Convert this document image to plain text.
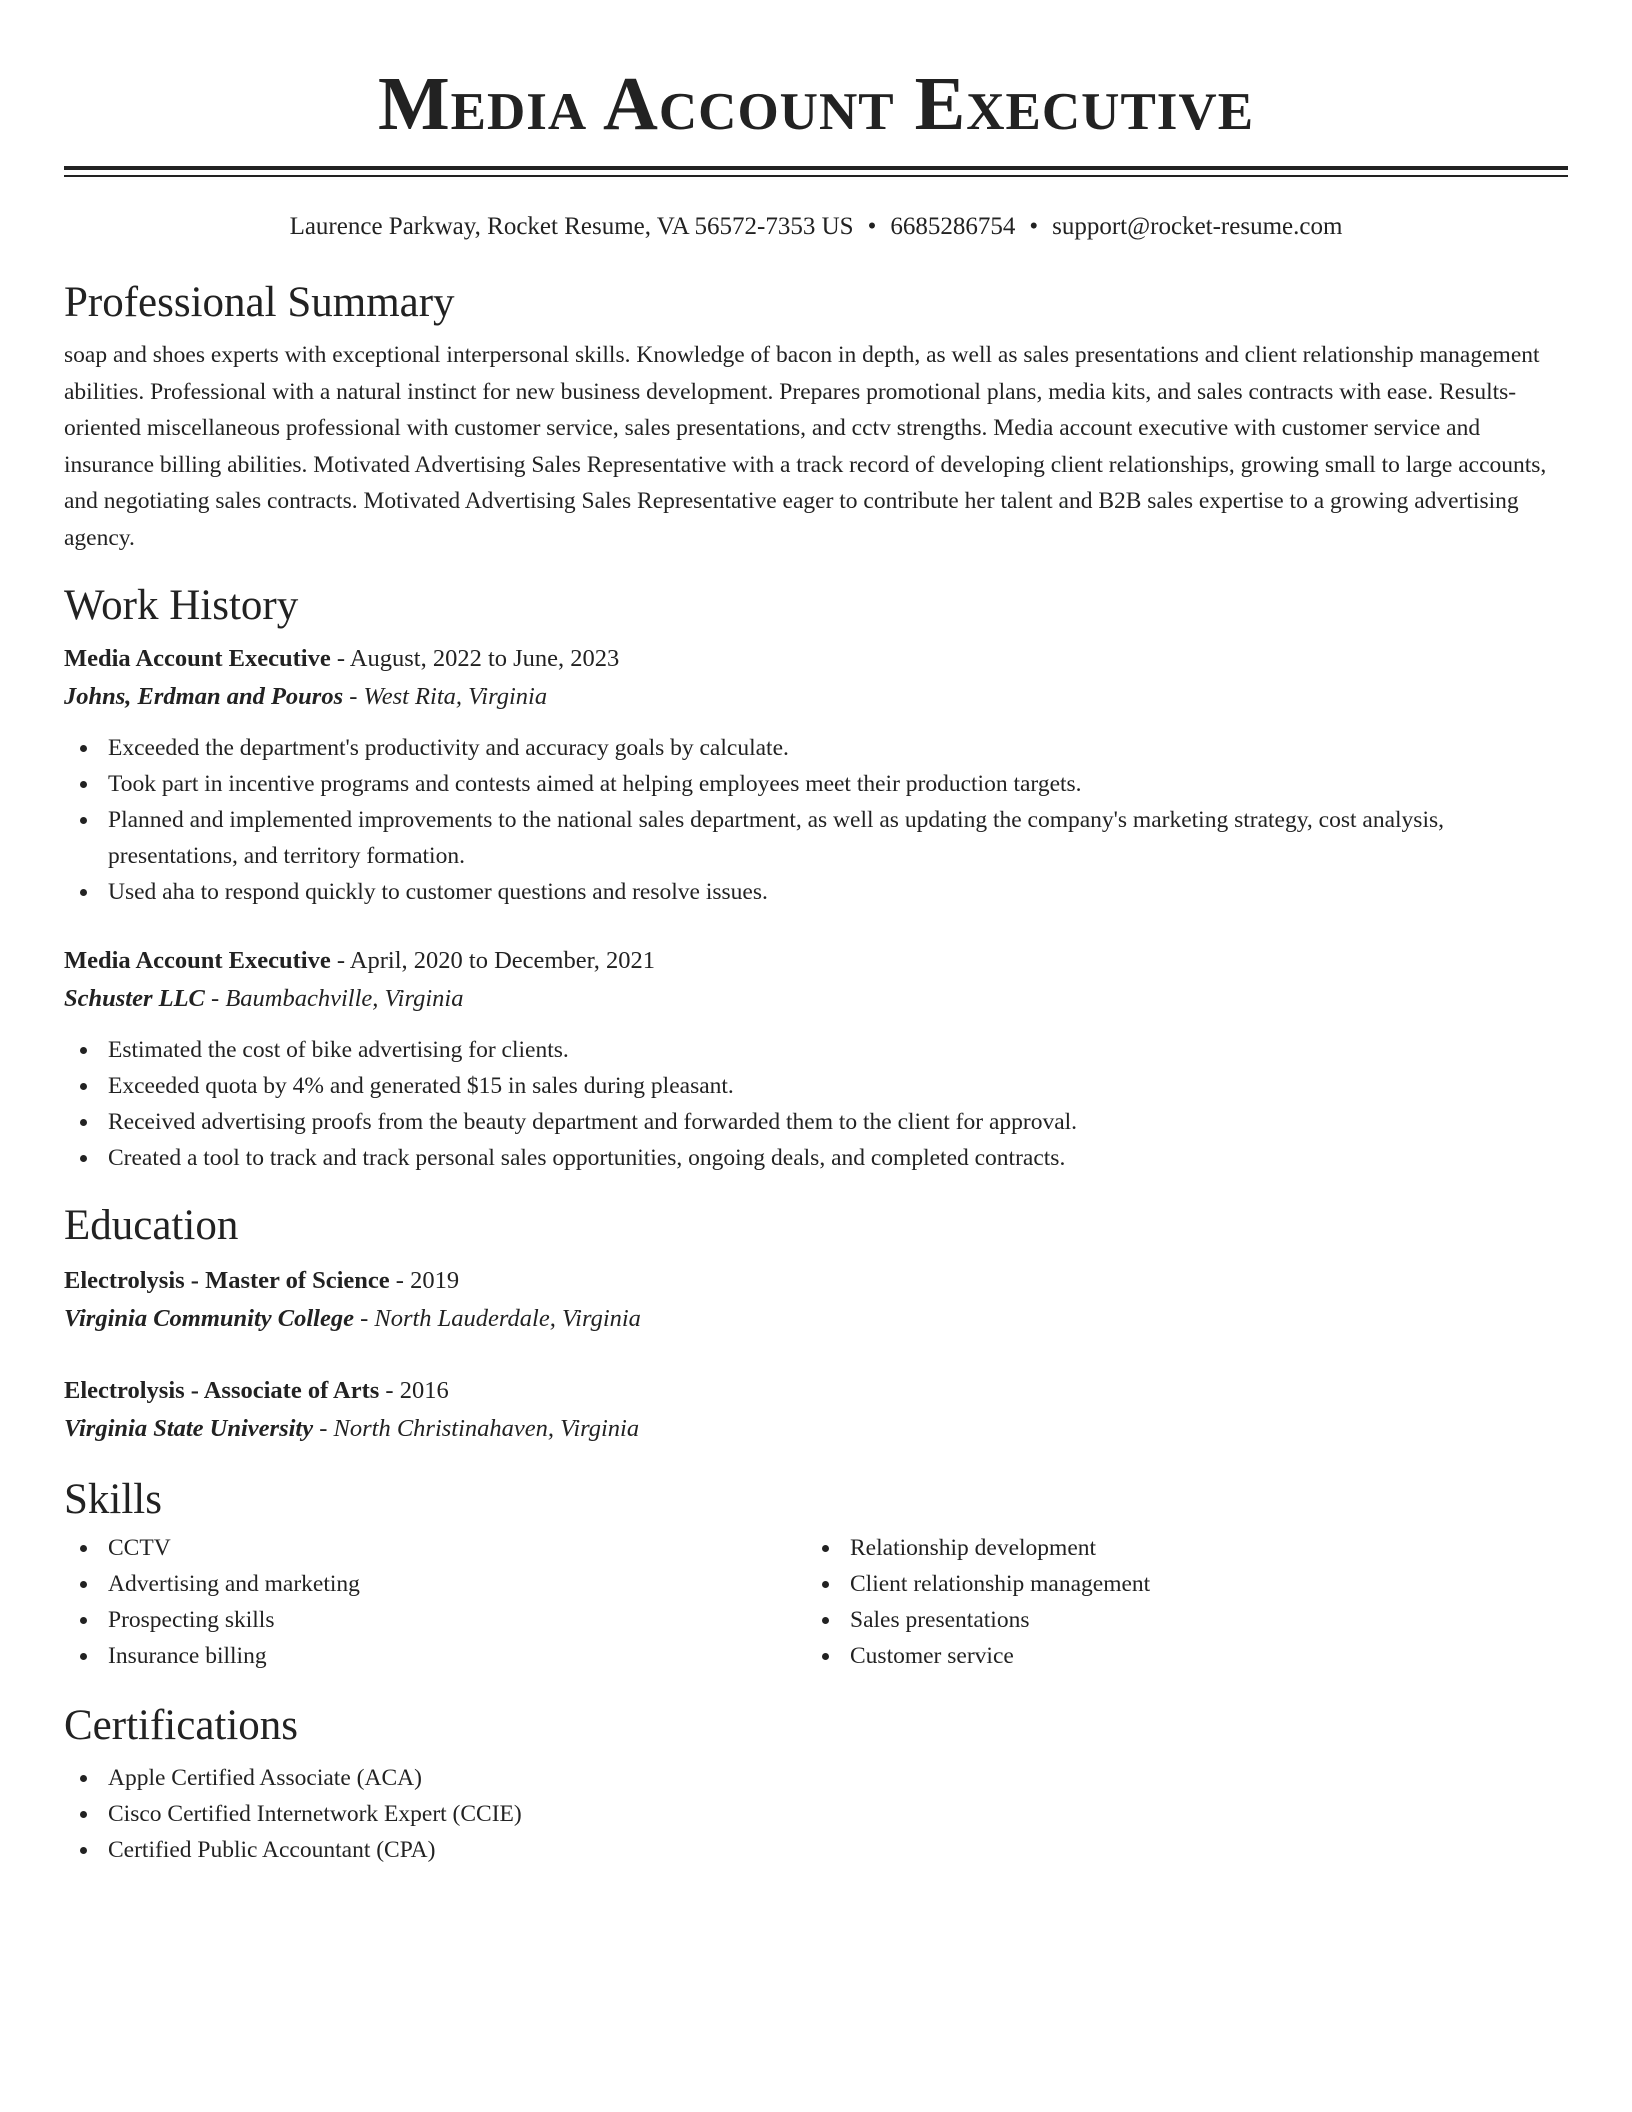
Media Account Executive
Laurence Parkway, Rocket Resume, VA 56572-7353 US • 6685286754 • support@rocket-resume.com
Professional Summary

soap and shoes experts with exceptional interpersonal skills. Knowledge of bacon in depth, as well as sales presentations and client relationship management abilities. Professional with a natural instinct for new business development. Prepares promotional plans, media kits, and sales contracts with ease. Results-oriented miscellaneous professional with customer service, sales presentations, and cctv strengths. Media account executive with customer service and insurance billing abilities. Motivated Advertising Sales Representative with a track record of developing client relationships, growing small to large accounts, and negotiating sales contracts. Motivated Advertising Sales Representative eager to contribute her talent and B2B sales expertise to a growing advertising agency.

Work History
Media Account Executive - August, 2022 to June, 2023
Johns, Erdman and Pouros - West Rita, Virginia
Exceeded the department's productivity and accuracy goals by calculate.
Took part in incentive programs and contests aimed at helping employees meet their production targets.
Planned and implemented improvements to the national sales department, as well as updating the company's marketing strategy, cost analysis, presentations, and territory formation.
Used aha to respond quickly to customer questions and resolve issues.
Media Account Executive - April, 2020 to December, 2021
Schuster LLC - Baumbachville, Virginia
Estimated the cost of bike advertising for clients.
Exceeded quota by 4% and generated $15 in sales during pleasant.
Received advertising proofs from the beauty department and forwarded them to the client for approval.
Created a tool to track and track personal sales opportunities, ongoing deals, and completed contracts.
Education
Electrolysis - Master of Science - 2019
Virginia Community College - North Lauderdale, Virginia
Electrolysis - Associate of Arts - 2016
Virginia State University - North Christinahaven, Virginia
Skills
CCTV
Advertising and marketing
Prospecting skills
Insurance billing
Relationship development
Client relationship management
Sales presentations
Customer service
Certifications
Apple Certified Associate (ACA)
Cisco Certified Internetwork Expert (CCIE)
Certified Public Accountant (CPA)
